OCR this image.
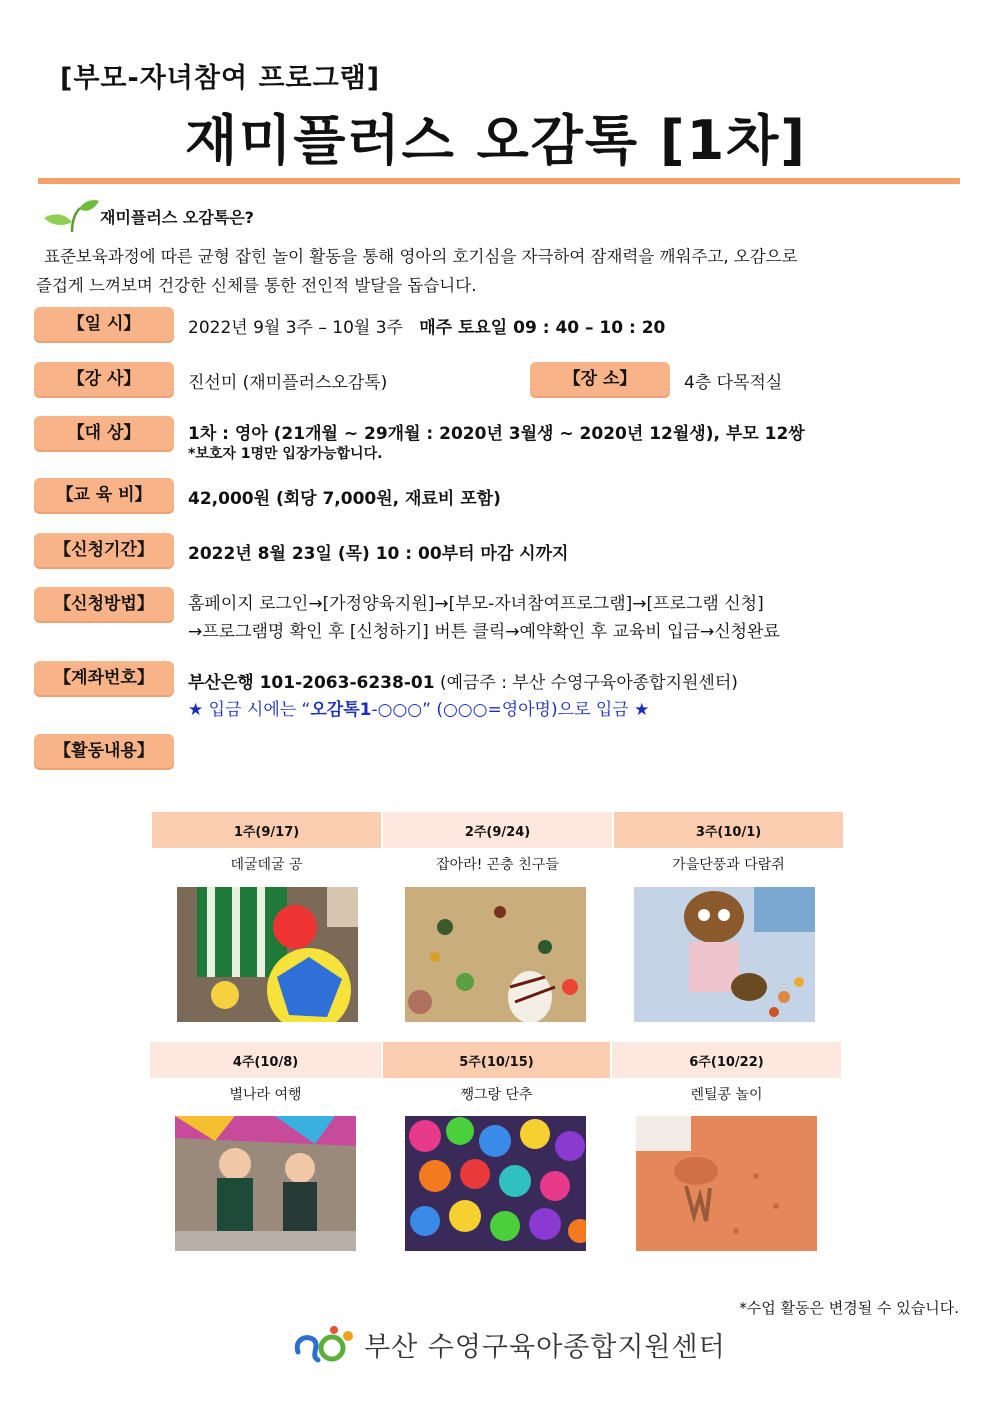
[부모-자녀참여 프로그램]
재미플러스 오감톡 [1차]
재미플러스 오감톡은?
표준보육과정에 따른 균형 잡힌 놀이 활동을 통해 영아의 호기심을 자극하여 잠재력을 깨워주고, 오감으로
즐겁게 느껴보며 건강한 신체를 통한 전인적 발달을 돕습니다.
【일 시】	2022년 9월 3주 – 10월 3주 매주 토요일 09 : 40 – 10 : 20
【강 사】	진선미 (재미플러스오감톡)	【장 소】	4층 다목적실
【대 상】	1차 : 영아 (21개월 ~ 29개월 : 2020년 3월생 ~ 2020년 12월생), 부모 12쌍
*보호자 1명만 입장가능합니다.
【교 육 비】	42,000원 (회당 7,000원, 재료비 포함)
【신청기간】	2022년 8월 23일 (목) 10 : 00부터 마감 시까지
【신청방법】	홈페이지 로그인→[가정양육지원]→[부모-자녀참여프로그램]→[프로그램 신청]
→프로그램명 확인 후 [신청하기] 버튼 클릭→예약확인 후 교육비 입금→신청완료
【계좌번호】	부산은행 101-2063-6238-01 (예금주 : 부산 수영구육아종합지원센터)
★ 입금 시에는 “오감톡1-○○○” (○○○=영아명)으로 입금 ★
【활동내용】
1주(9/17)	2주(9/24)	3주(10/1)
데굴데굴 공	잡아라! 곤충 친구들	가을단풍과 다람쥐
4주(10/8)	5주(10/15)	6주(10/22)
별나라 여행	쨍그랑 단추	렌틸콩 놀이
*수업 활동은 변경될 수 있습니다.
부산 수영구육아종합지원센터
